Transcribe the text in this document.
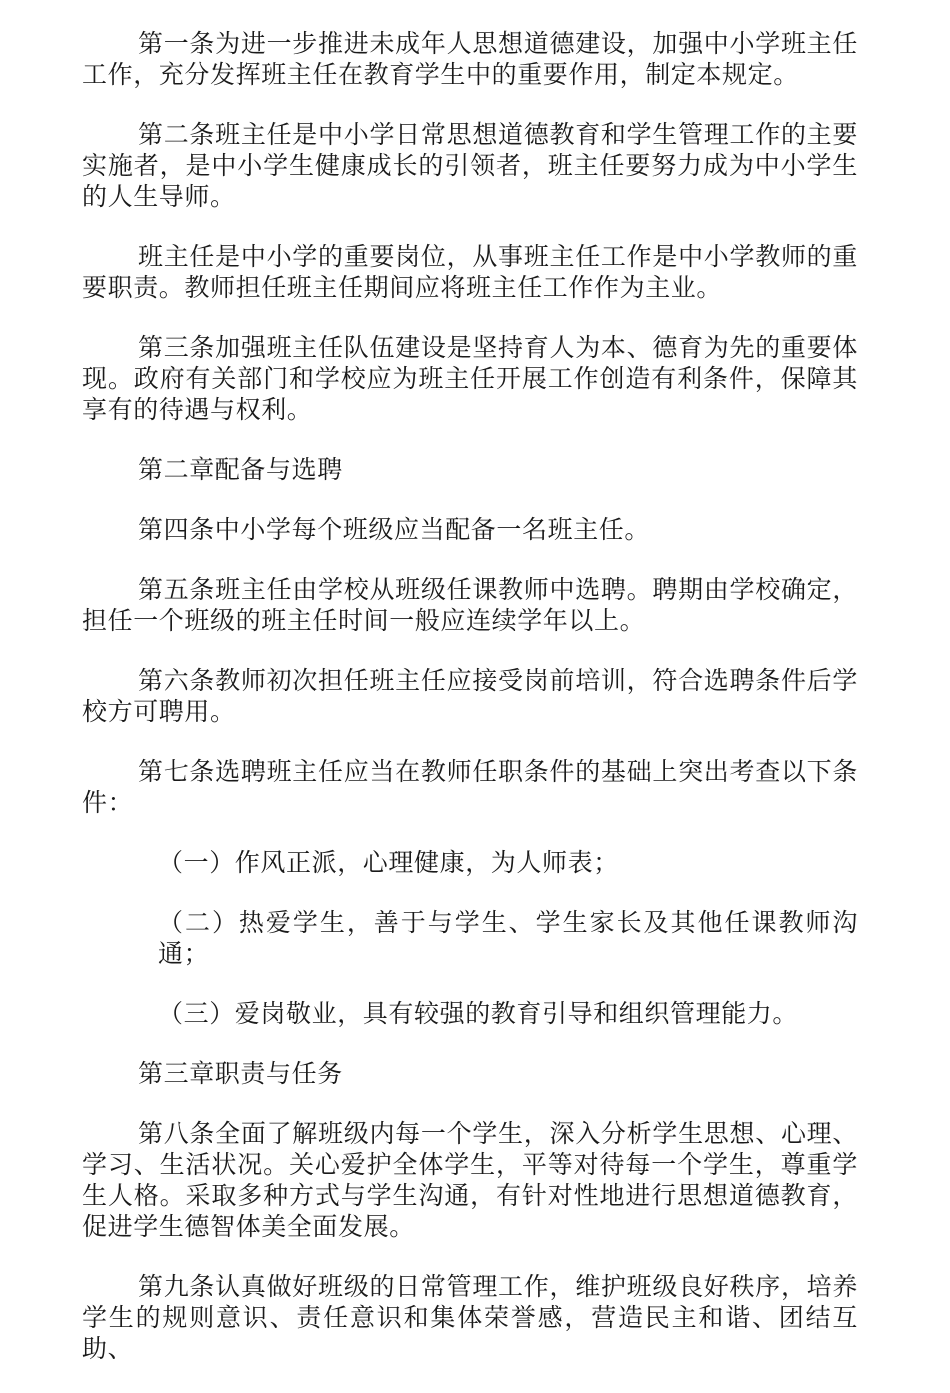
第一条为进一步推进未成年人思想道德建设，加强中小学班主任工作，充分发挥班主任在教育学生中的重要作用，制定本规定。

第二条班主任是中小学日常思想道德教育和学生管理工作的主要实施者，是中小学生健康成长的引领者，班主任要努力成为中小学生的人生导师。

班主任是中小学的重要岗位，从事班主任工作是中小学教师的重要职责。教师担任班主任期间应将班主任工作作为主业。

第三条加强班主任队伍建设是坚持育人为本、德育为先的重要体现。政府有关部门和学校应为班主任开展工作创造有利条件，保障其享有的待遇与权利。

第二章配备与选聘

第四条中小学每个班级应当配备一名班主任。

第五条班主任由学校从班级任课教师中选聘。聘期由学校确定，担任一个班级的班主任时间一般应连续学年以上。

第六条教师初次担任班主任应接受岗前培训，符合选聘条件后学校方可聘用。

第七条选聘班主任应当在教师任职条件的基础上突出考查以下条件：

（一）作风正派，心理健康，为人师表；

（二）热爱学生，善于与学生、学生家长及其他任课教师沟通；

（三）爱岗敬业，具有较强的教育引导和组织管理能力。

第三章职责与任务

第八条全面了解班级内每一个学生，深入分析学生思想、心理、学习、生活状况。关心爱护全体学生，平等对待每一个学生，尊重学生人格。采取多种方式与学生沟通，有针对性地进行思想道德教育，促进学生德智体美全面发展。

第九条认真做好班级的日常管理工作，维护班级良好秩序，培养学生的规则意识、责任意识和集体荣誉感，营造民主和谐、团结互助、
